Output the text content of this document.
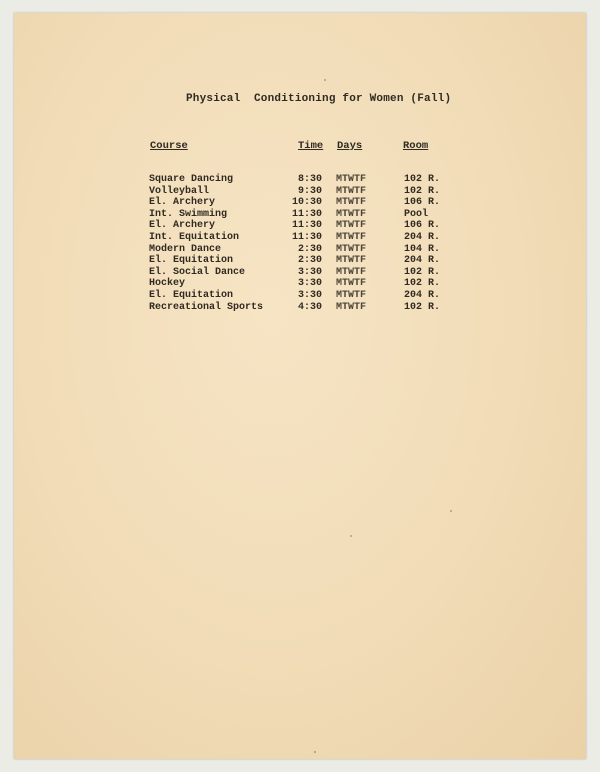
Physical  Conditioning for Women (Fall)
Course	Time Days	Room
Square Dancing	8:30 MTWTF	102 R.
Volleyball	9:30 MTWTF	102 R.
El. Archery	10:30 MTWTF	106 R.
Int. Swimming	11:30 MTWTF	Pool
El. Archery	11:30 MTWTF	106 R.
Int. Equitation	11:30 MTWTF	204 R.
Modern Dance	2:30 MTWTF	104 R.
El. Equitation	2:30 MTWTF	204 R.
El. Social Dance	3:30 MTWTF	102 R.
Hockey	3:30 MTWTF	102 R.
El. Equitation	3:30 MTWTF	204 R.
Recreational Sports	4:30 MTWTF	102 R.
